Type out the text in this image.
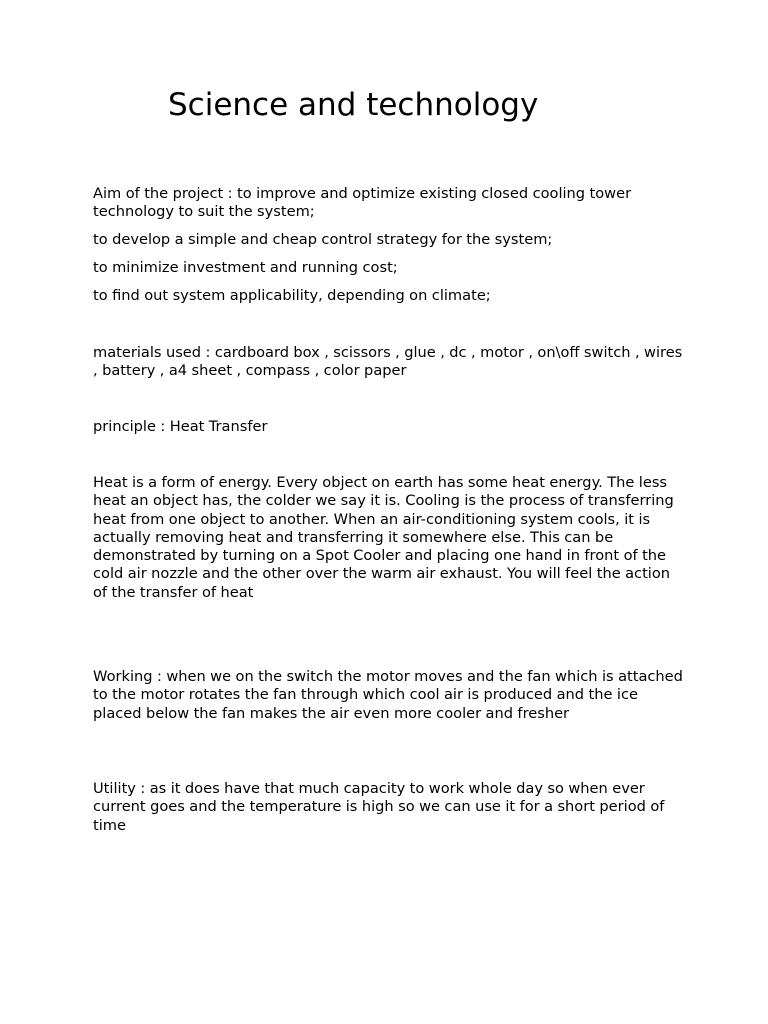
Science and technology

Aim of the project : to improve and optimize existing closed cooling tower technology to suit the system;

to develop a simple and cheap control strategy for the system;

to minimize investment and running cost;

to find out system applicability, depending on climate;

materials used : cardboard box , scissors , glue , dc , motor , on\off switch , wires , battery , a4 sheet , compass , color paper

principle : Heat Transfer

Heat is a form of energy. Every object on earth has some heat energy. The less heat an object has, the colder we say it is. Cooling is the process of transferring heat from one object to another. When an air-conditioning system cools, it is actually removing heat and transferring it somewhere else. This can be demonstrated by turning on a Spot Cooler and placing one hand in front of the cold air nozzle and the other over the warm air exhaust. You will feel the action of the transfer of heat

Working : when we on the switch the motor moves and the fan which is attached to the motor rotates the fan through which cool air is produced and the ice placed below the fan makes the air even more cooler and fresher

Utility : as it does have that much capacity to work whole day so when ever current goes and the temperature is high so we can use it for a short period of time
